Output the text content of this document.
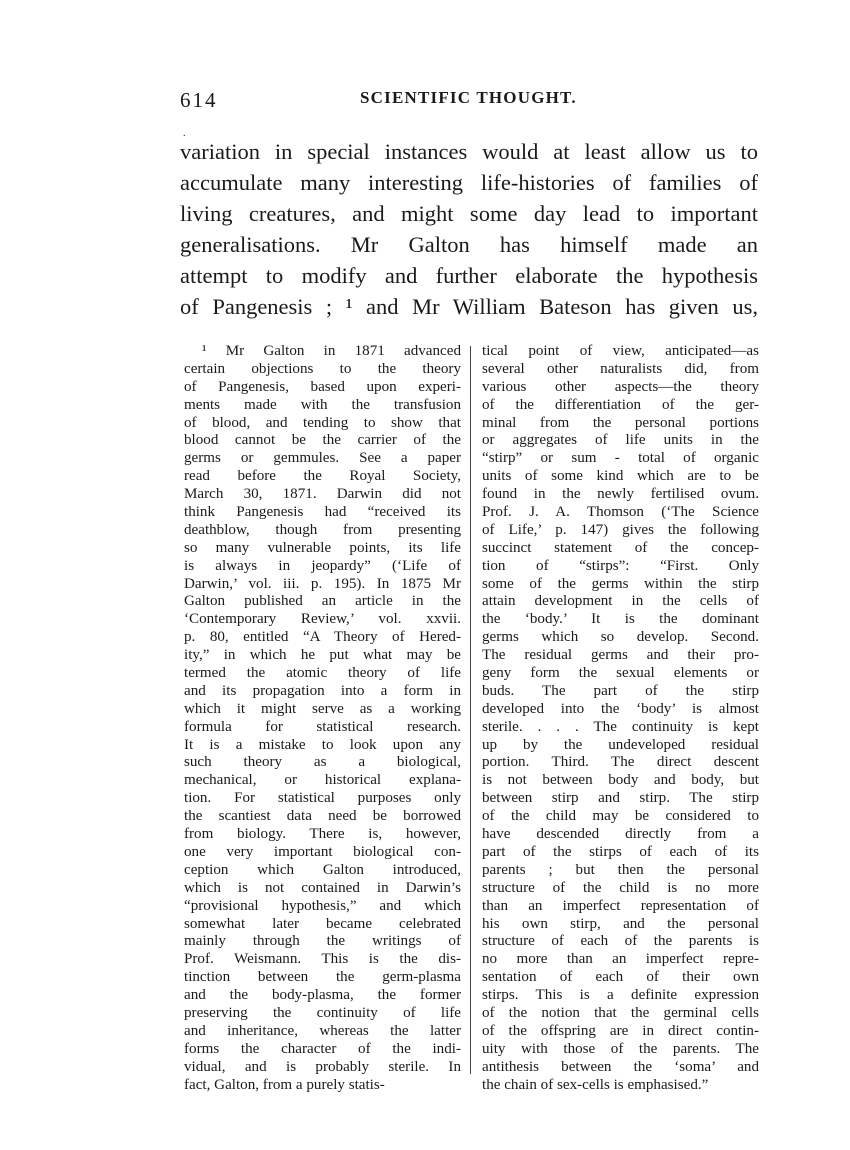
614	SCIENTIFIC THOUGHT.
.
variation in special instances would at least allow us to
accumulate many interesting life-histories of families of
living creatures, and might some day lead to important
generalisations. Mr Galton has himself made an
attempt to modify and further elaborate the hypothesis
of Pangenesis ; ¹ and Mr William Bateson has given us,
¹ Mr Galton in 1871 advanced
certain objections to the theory
of Pangenesis, based upon experi-
ments made with the transfusion
of blood, and tending to show that
blood cannot be the carrier of the
germs or gemmules. See a paper
read before the Royal Society,
March 30, 1871. Darwin did not
think Pangenesis had “received its
deathblow, though from presenting
so many vulnerable points, its life
is always in jeopardy” (‘Life of
Darwin,’ vol. iii. p. 195). In 1875 Mr
Galton published an article in the
‘Contemporary Review,’ vol. xxvii.
p. 80, entitled “A Theory of Hered-
ity,” in which he put what may be
termed the atomic theory of life
and its propagation into a form in
which it might serve as a working
formula for statistical research.
It is a mistake to look upon any
such theory as a biological,
mechanical, or historical explana-
tion. For statistical purposes only
the scantiest data need be borrowed
from biology. There is, however,
one very important biological con-
ception which Galton introduced,
which is not contained in Darwin’s
“provisional hypothesis,” and which
somewhat later became celebrated
mainly through the writings of
Prof. Weismann. This is the dis-
tinction between the germ-plasma
and the body-plasma, the former
preserving the continuity of life
and inheritance, whereas the latter
forms the character of the indi-
vidual, and is probably sterile. In
fact, Galton, from a purely statis-
tical point of view, anticipated—as
several other naturalists did, from
various other aspects—the theory
of the differentiation of the ger-
minal from the personal portions
or aggregates of life units in the
“stirp” or sum - total of organic
units of some kind which are to be
found in the newly fertilised ovum.
Prof. J. A. Thomson (‘The Science
of Life,’ p. 147) gives the following
succinct statement of the concep-
tion of “stirps”: “First. Only
some of the germs within the stirp
attain development in the cells of
the ‘body.’ It is the dominant
germs which so develop. Second.
The residual germs and their pro-
geny form the sexual elements or
buds. The part of the stirp
developed into the ‘body’ is almost
sterile. . . . The continuity is kept
up by the undeveloped residual
portion. Third. The direct descent
is not between body and body, but
between stirp and stirp. The stirp
of the child may be considered to
have descended directly from a
part of the stirps of each of its
parents ; but then the personal
structure of the child is no more
than an imperfect representation of
his own stirp, and the personal
structure of each of the parents is
no more than an imperfect repre-
sentation of each of their own
stirps. This is a definite expression
of the notion that the germinal cells
of the offspring are in direct contin-
uity with those of the parents. The
antithesis between the ‘soma’ and
the chain of sex-cells is emphasised.”
